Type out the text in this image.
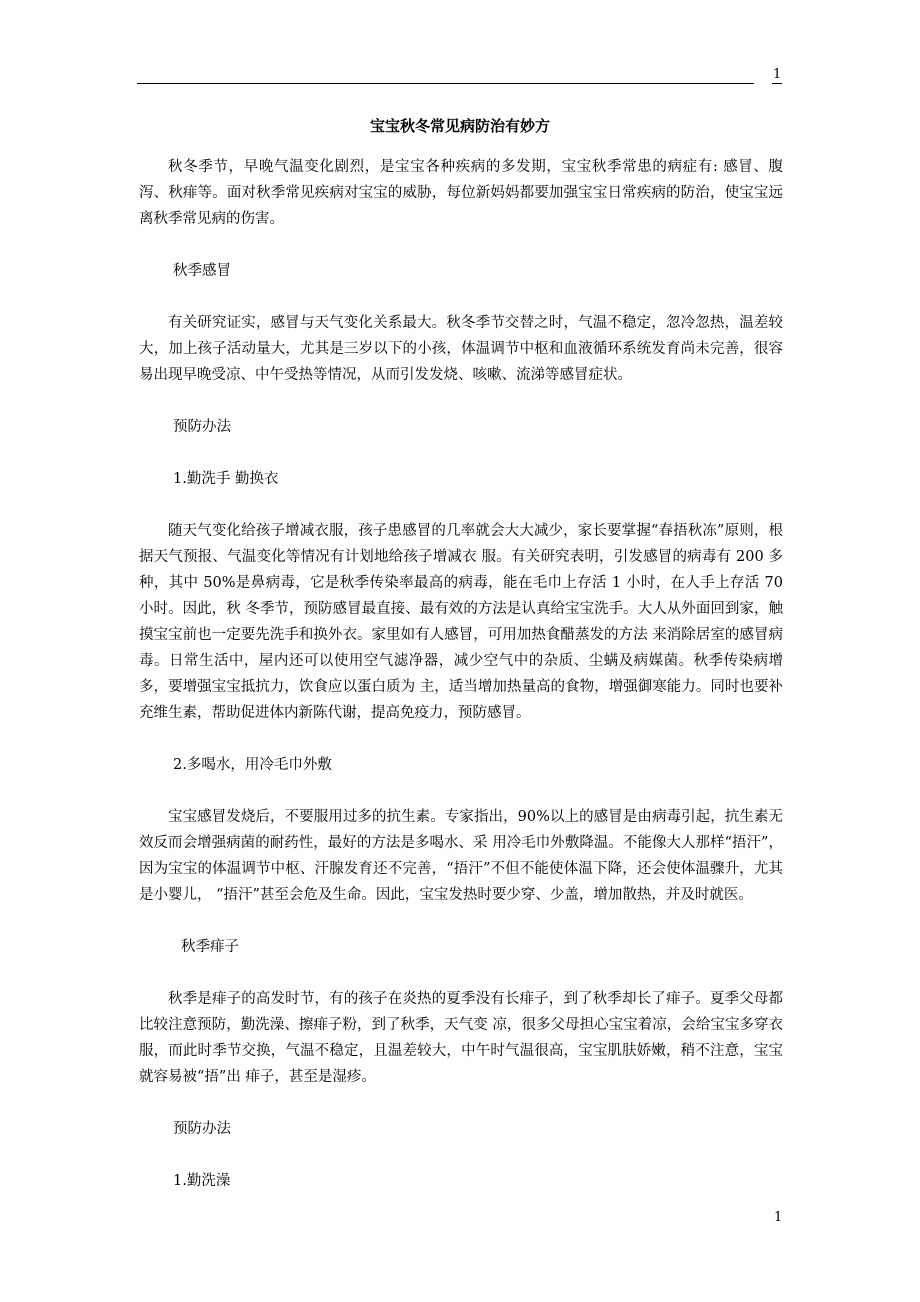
1
宝宝秋冬常见病防治有妙方

秋冬季节，早晚气温变化剧烈，是宝宝各种疾病的多发期，宝宝秋季常患的病症有: 感冒、腹泻、秋痱等。面对秋季常见疾病对宝宝的威胁，每位新妈妈都要加强宝宝日常疾病的防治，使宝宝远离秋季常见病的伤害。

秋季感冒

有关研究证实，感冒与天气变化关系最大。秋冬季节交替之时，气温不稳定，忽冷忽热，温差较大，加上孩子活动量大，尤其是三岁以下的小孩，体温调节中枢和血液循环系统发育尚未完善，很容易出现早晚受凉、中午受热等情况，从而引发发烧、咳嗽、流涕等感冒症状。

预防办法

1.勤洗手 勤换衣

随天气变化给孩子增减衣服，孩子患感冒的几率就会大大减少，家长要掌握“春捂秋冻”原则，根据天气预报、气温变化等情况有计划地给孩子增减衣 服。有关研究表明，引发感冒的病毒有 200 多种，其中 50%是鼻病毒，它是秋季传染率最高的病毒，能在毛巾上存活 1 小时，在人手上存活 70 小时。因此，秋 冬季节，预防感冒最直接、最有效的方法是认真给宝宝洗手。大人从外面回到家，触摸宝宝前也一定要先洗手和换外衣。家里如有人感冒，可用加热食醋蒸发的方法 来消除居室的感冒病毒。日常生活中，屋内还可以使用空气滤净器，减少空气中的杂质、尘螨及病媒菌。秋季传染病增多，要增强宝宝抵抗力，饮食应以蛋白质为 主，适当增加热量高的食物，增强御寒能力。同时也要补充维生素，帮助促进体内新陈代谢，提高免疫力，预防感冒。

2.多喝水，用冷毛巾外敷

宝宝感冒发烧后，不要服用过多的抗生素。专家指出，90%以上的感冒是由病毒引起，抗生素无效反而会增强病菌的耐药性，最好的方法是多喝水、采 用冷毛巾外敷降温。不能像大人那样“捂汗”，因为宝宝的体温调节中枢、汗腺发育还不完善，“捂汗”不但不能使体温下降，还会使体温骤升，尤其是小婴儿， “捂汗”甚至会危及生命。因此，宝宝发热时要少穿、少盖，增加散热，并及时就医。

秋季痱子

秋季是痱子的高发时节，有的孩子在炎热的夏季没有长痱子，到了秋季却长了痱子。夏季父母都比较注意预防，勤洗澡、擦痱子粉，到了秋季，天气变 凉，很多父母担心宝宝着凉，会给宝宝多穿衣服，而此时季节交换，气温不稳定，且温差较大，中午时气温很高，宝宝肌肤娇嫩，稍不注意，宝宝就容易被“捂”出 痱子，甚至是湿疹。

预防办法

1.勤洗澡

1
